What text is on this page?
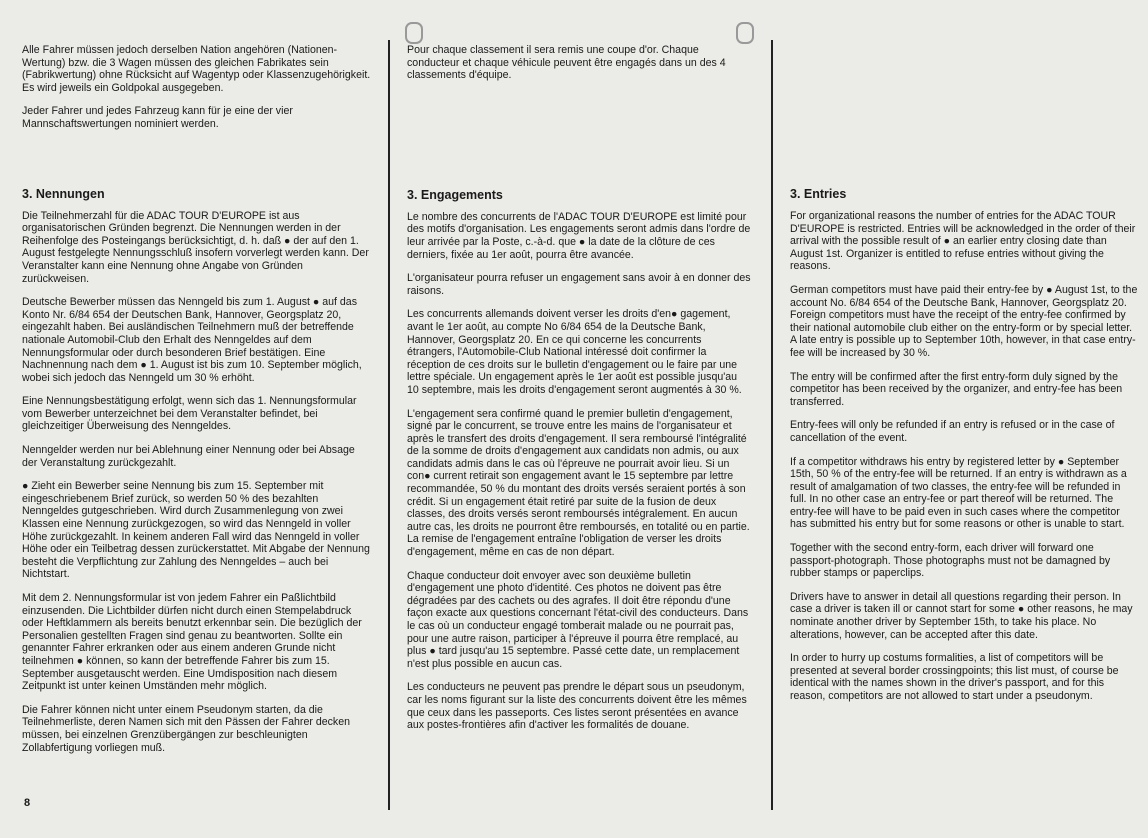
Alle Fahrer müssen jedoch derselben Nation angehören (Nationen-Wertung) bzw. die 3 Wagen müssen des gleichen Fabrikates sein (Fabrikwertung) ohne Rücksicht auf Wagentyp oder Klassenzugehörigkeit. Es wird jeweils ein Goldpokal ausgegeben.

Jeder Fahrer und jedes Fahrzeug kann für je eine der vier Mannschaftswertungen nominiert werden.

3. Nennungen

Die Teilnehmerzahl für die ADAC TOUR D'EUROPE ist aus organisatorischen Gründen begrenzt. Die Nennungen werden in der Reihenfolge des Posteingangs berücksichtigt, d. h. daß ● der auf den 1. August festgelegte Nennungsschluß insofern vorverlegt werden kann. Der Veranstalter kann eine Nennung ohne Angabe von Gründen zurückweisen.

Deutsche Bewerber müssen das Nenngeld bis zum 1. August ● auf das Konto Nr. 6/84 654 der Deutschen Bank, Hannover, Georgsplatz 20, eingezahlt haben. Bei ausländischen Teilnehmern muß der betreffende nationale Automobil-Club den Erhalt des Nenngeldes auf dem Nennungsformular oder durch besonderen Brief bestätigen. Eine Nachnennung nach dem ● 1. August ist bis zum 10. September möglich, wobei sich jedoch das Nenngeld um 30 % erhöht.

Eine Nennungsbestätigung erfolgt, wenn sich das 1. Nennungsformular vom Bewerber unterzeichnet bei dem Veranstalter befindet, bei gleichzeitiger Überweisung des Nenngeldes.

Nenngelder werden nur bei Ablehnung einer Nennung oder bei Absage der Veranstaltung zurückgezahlt.

● Zieht ein Bewerber seine Nennung bis zum 15. September mit eingeschriebenem Brief zurück, so werden 50 % des bezahlten Nenngeldes gutgeschrieben. Wird durch Zusammenlegung von zwei Klassen eine Nennung zurückgezogen, so wird das Nenngeld in voller Höhe zurückgezahlt. In keinem anderen Fall wird das Nenngeld in voller Höhe oder ein Teilbetrag dessen zurückerstattet. Mit Abgabe der Nennung besteht die Verpflichtung zur Zahlung des Nenngeldes – auch bei Nichtstart.

Mit dem 2. Nennungsformular ist von jedem Fahrer ein Paßlichtbild einzusenden. Die Lichtbilder dürfen nicht durch einen Stempelabdruck oder Heftklammern als bereits benutzt erkennbar sein. Die bezüglich der Personalien gestellten Fragen sind genau zu beantworten. Sollte ein genannter Fahrer erkranken oder aus einem anderen Grunde nicht teilnehmen ● können, so kann der betreffende Fahrer bis zum 15. September ausgetauscht werden. Eine Umdisposition nach diesem Zeitpunkt ist unter keinen Umständen mehr möglich.

Die Fahrer können nicht unter einem Pseudonym starten, da die Teilnehmerliste, deren Namen sich mit den Pässen der Fahrer decken müssen, bei einzelnen Grenzübergängen zur beschleunigten Zollabfertigung vorliegen muß.

Pour chaque classement il sera remis une coupe d'or. Chaque conducteur et chaque véhicule peuvent être engagés dans un des 4 classements d'équipe.

3. Engagements

Le nombre des concurrents de l'ADAC TOUR D'EUROPE est limité pour des motifs d'organisation. Les engagements seront admis dans l'ordre de leur arrivée par la Poste, c.-à-d. que ● la date de la clôture de ces derniers, fixée au 1er août, pourra être avancée.

L'organisateur pourra refuser un engagement sans avoir à en donner des raisons.

Les concurrents allemands doivent verser les droits d'en● gagement, avant le 1er août, au compte No 6/84 654 de la Deutsche Bank, Hannover, Georgsplatz 20. En ce qui concerne les concurrents étrangers, l'Automobile-Club National intéressé doit confirmer la réception de ces droits sur le bulletin d'engagement ou le faire par une lettre spéciale. Un engagement après le 1er août est possible jusqu'au 10 septembre, mais les droits d'engagement seront augmentés à 30 %.

L'engagement sera confirmé quand le premier bulletin d'engagement, signé par le concurrent, se trouve entre les mains de l'organisateur et après le transfert des droits d'engagement. Il sera remboursé l'intégralité de la somme de droits d'engagement aux candidats non admis, ou aux candidats admis dans le cas où l'épreuve ne pourrait avoir lieu. Si un con● current retirait son engagement avant le 15 septembre par lettre recommandée, 50 % du montant des droits versés seraient portés à son crédit. Si un engagement était retiré par suite de la fusion de deux classes, des droits versés seront remboursés intégralement. En aucun autre cas, les droits ne pourront être remboursés, en totalité ou en partie. La remise de l'engagement entraîne l'obligation de verser les droits d'engagement, même en cas de non départ.

Chaque conducteur doit envoyer avec son deuxième bulletin d'engagement une photo d'identité. Ces photos ne doivent pas être dégradées par des cachets ou des agrafes. Il doit être répondu d'une façon exacte aux questions concernant l'état-civil des conducteurs. Dans le cas où un conducteur engagé tomberait malade ou ne pourrait pas, pour une autre raison, participer à l'épreuve il pourra être remplacé, au plus ● tard jusqu'au 15 septembre. Passé cette date, un remplacement n'est plus possible en aucun cas.

Les conducteurs ne peuvent pas prendre le départ sous un pseudonym, car les noms figurant sur la liste des concurrents doivent être les mêmes que ceux dans les passeports. Ces listes seront présentées en avance aux postes-frontières afin d'activer les formalités de douane.

3. Entries

For organizational reasons the number of entries for the ADAC TOUR D'EUROPE is restricted. Entries will be acknowledged in the order of their arrival with the possible result of ● an earlier entry closing date than August 1st. Organizer is entitled to refuse entries without giving the reasons.

German competitors must have paid their entry-fee by ● August 1st, to the account No. 6/84 654 of the Deutsche Bank, Hannover, Georgsplatz 20. Foreign competitors must have the receipt of the entry-fee confirmed by their national automobile club either on the entry-form or by special letter. A late entry is possible up to September 10th, however, in that case entry-fee will be increased by 30 %.

The entry will be confirmed after the first entry-form duly signed by the competitor has been received by the organizer, and entry-fee has been transferred.

Entry-fees will only be refunded if an entry is refused or in the case of cancellation of the event.

If a competitor withdraws his entry by registered letter by ● September 15th, 50 % of the entry-fee will be returned. If an entry is withdrawn as a result of amalgamation of two classes, the entry-fee will be refunded in full. In no other case an entry-fee or part thereof will be returned. The entry-fee will have to be paid even in such cases where the competitor has submitted his entry but for some reasons or other is unable to start.

Together with the second entry-form, each driver will forward one passport-photograph. Those photographs must not be damagned by rubber stamps or paperclips.

Drivers have to answer in detail all questions regarding their person. In case a driver is taken ill or cannot start for some ● other reasons, he may nominate another driver by September 15th, to take his place. No alterations, however, can be accepted after this date.

In order to hurry up costums formalities, a list of competitors will be presented at several border crossingpoints; this list must, of course be identical with the names shown in the driver's passport, and for this reason, competitors are not allowed to start under a pseudonym.

8
